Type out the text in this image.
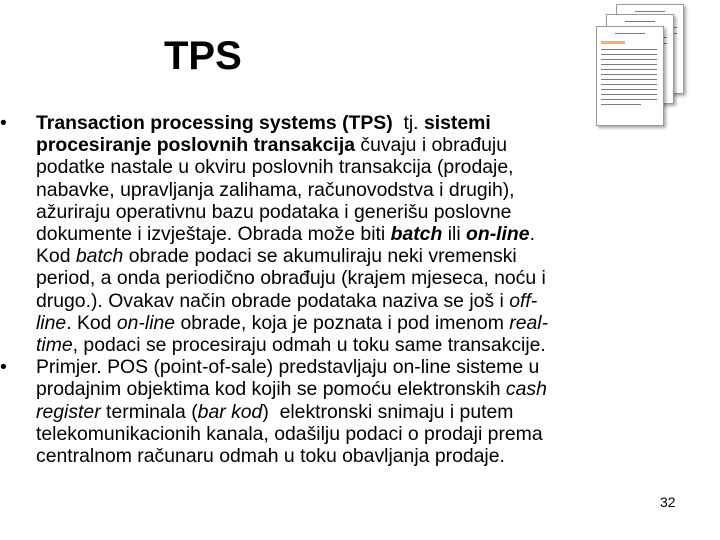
TPS
•	Transaction processing systems (TPS)  tj. sistemi
procesiranje poslovnih transakcija čuvaju i obrađuju
podatke nastale u okviru poslovnih transakcija (prodaje,
nabavke, upravljanja zalihama, računovodstva i drugih),
ažuriraju operativnu bazu podataka i generišu poslovne
dokumente i izvještaje. Obrada može biti batch ili on-line.
Kod batch obrade podaci se akumuliraju neki vremenski
period, a onda periodično obrađuju (krajem mjeseca, noću i
drugo.). Ovakav način obrade podataka naziva se još i off-
line. Kod on-line obrade, koja je poznata i pod imenom real-
time, podaci se procesiraju odmah u toku same transakcije.
•	Primjer. POS (point-of-sale) predstavljaju on-line sisteme u
prodajnim objektima kod kojih se pomoću elektronskih cash
register terminala (bar kod)  elektronski snimaju i putem
telekomunikacionih kanala, odašilju podaci o prodaji prema
centralnom računaru odmah u toku obavljanja prodaje.
32
